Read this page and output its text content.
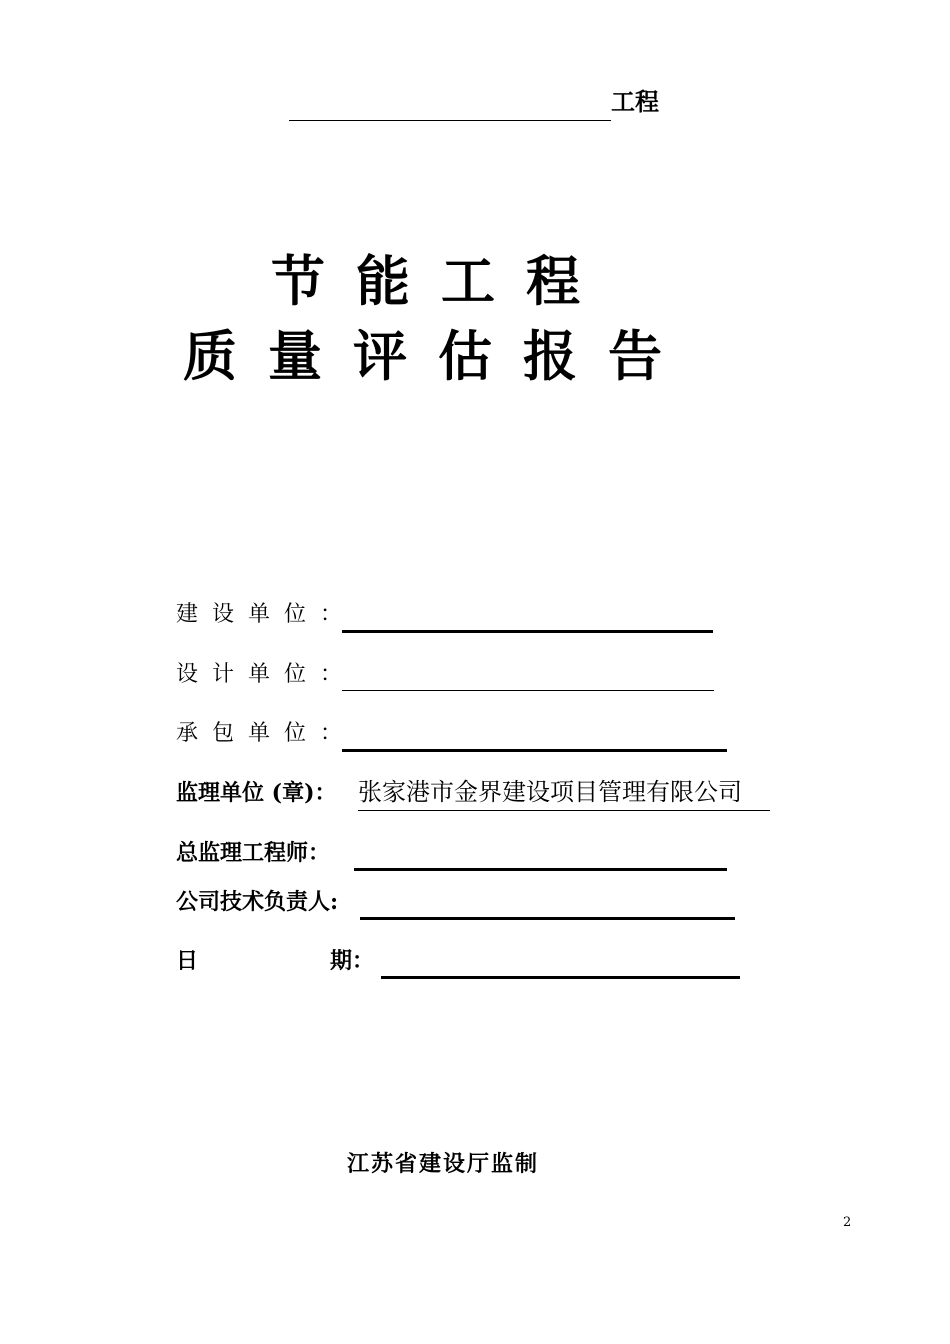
工程
节能工程
质量评估报告
建设单位：
设计单位：
承包单位：
监理单位 (章)： 张家港市金界建设项目管理有限公司
总监理工程师：
公司技术负责人:
日	期：
江苏省建设厅监制
2
